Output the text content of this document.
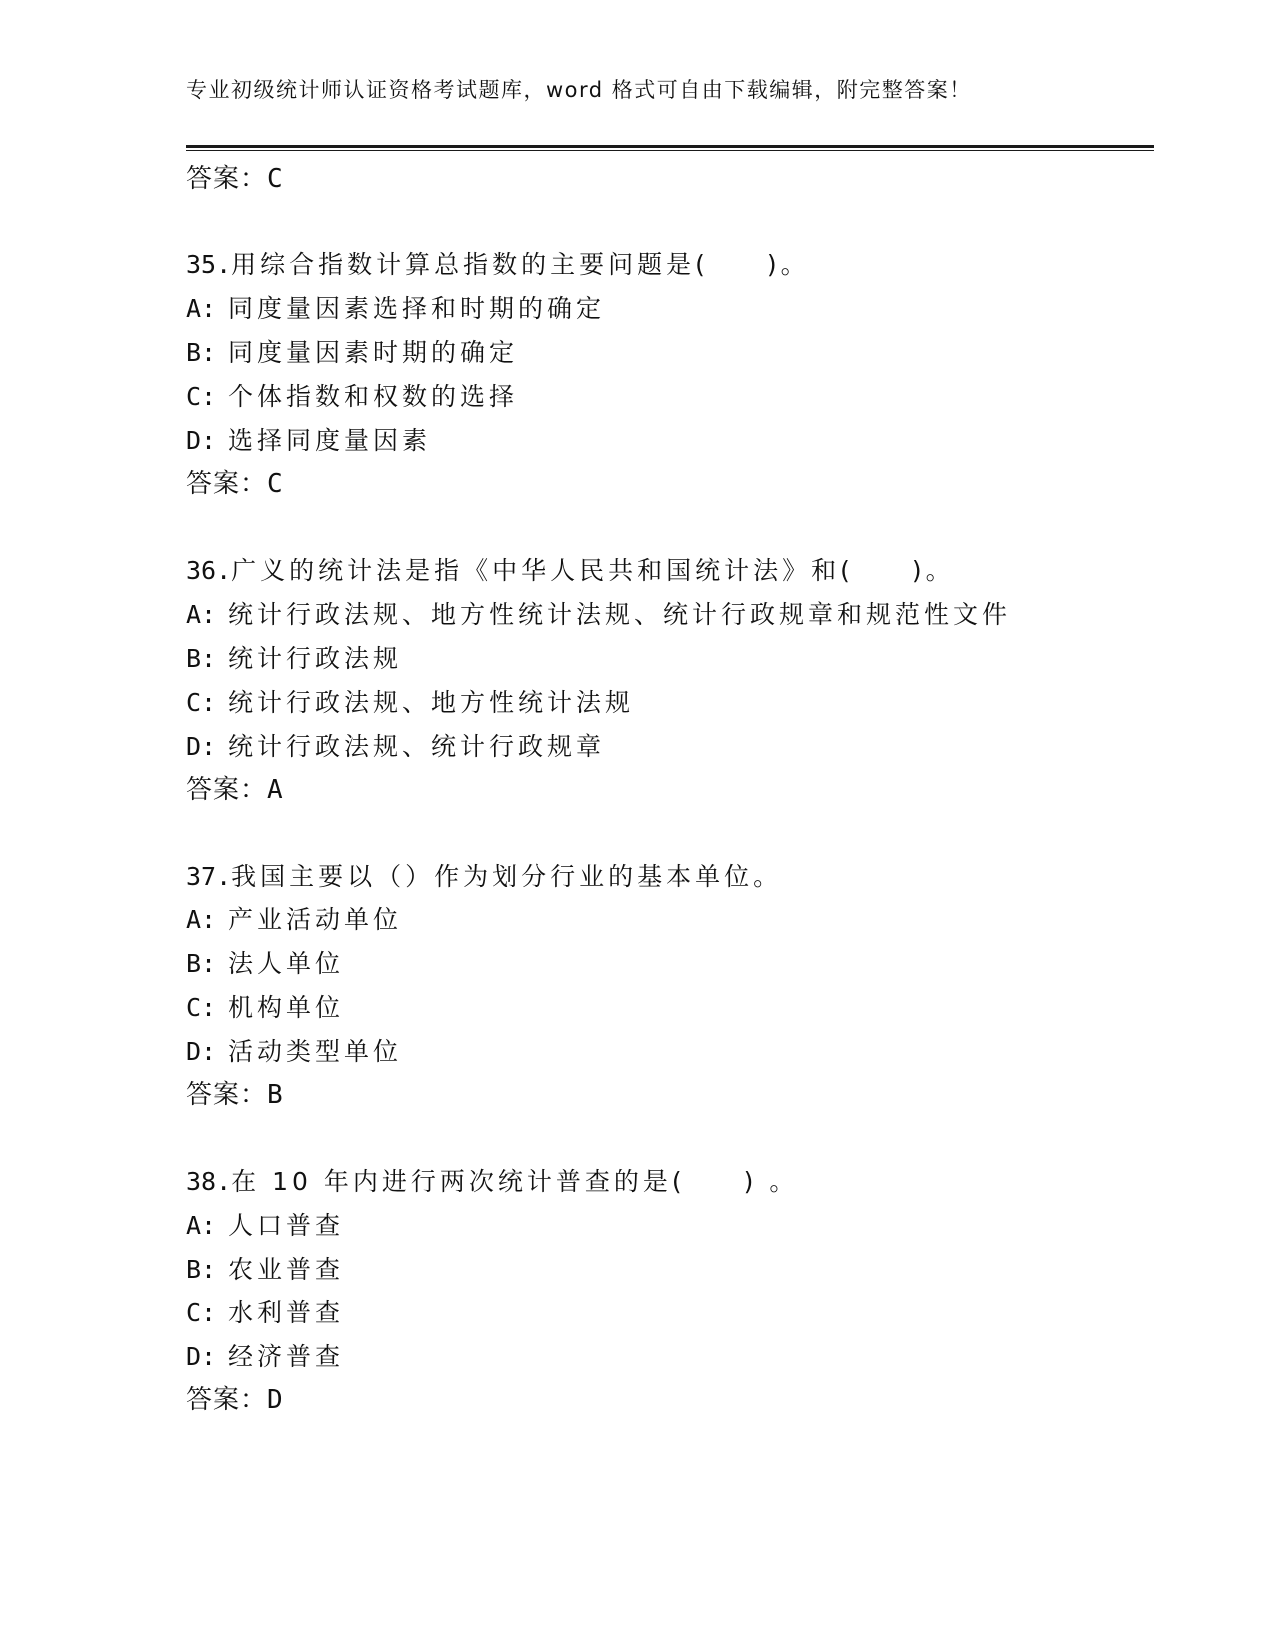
专业初级统计师认证资格考试题库，word 格式可自由下载编辑，附完整答案！
答案：C
35.用综合指数计算总指数的主要问题是(　　)。
A: 同度量因素选择和时期的确定
B: 同度量因素时期的确定
C: 个体指数和权数的选择
D: 选择同度量因素
答案：C
36.广义的统计法是指《中华人民共和国统计法》和(　　)。
A: 统计行政法规、地方性统计法规、统计行政规章和规范性文件
B: 统计行政法规
C: 统计行政法规、地方性统计法规
D: 统计行政法规、统计行政规章
答案：A
37.我国主要以（）作为划分行业的基本单位。
A: 产业活动单位
B: 法人单位
C: 机构单位
D: 活动类型单位
答案：B
38.在 10 年内进行两次统计普查的是(　　) 。
A: 人口普查
B: 农业普查
C: 水利普查
D: 经济普查
答案：D
